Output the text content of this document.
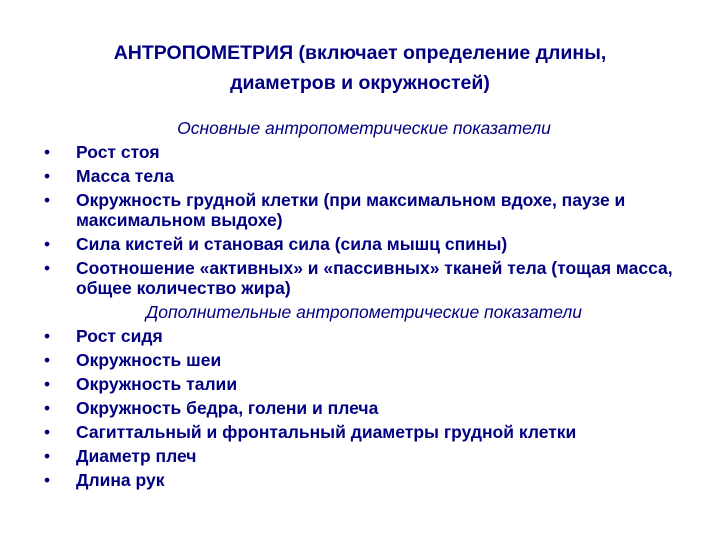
АНТРОПОМЕТРИЯ (включает определение длины,
диаметров и окружностей)
Основные антропометрические показатели
•	Рост стоя
•	Масса тела
•	Окружность грудной клетки (при максимальном вдохе, паузе и максимальном выдохе)
•	Сила кистей и становая сила (сила мышц спины)
•	Соотношение «активных» и «пассивных» тканей тела (тощая масса, общее количество жира)
Дополнительные антропометрические показатели
•	Рост сидя
•	Окружность шеи
•	Окружность талии
•	Окружность бедра, голени и плеча
•	Сагиттальный и фронтальный диаметры грудной клетки
•	Диаметр плеч
•	Длина рук
